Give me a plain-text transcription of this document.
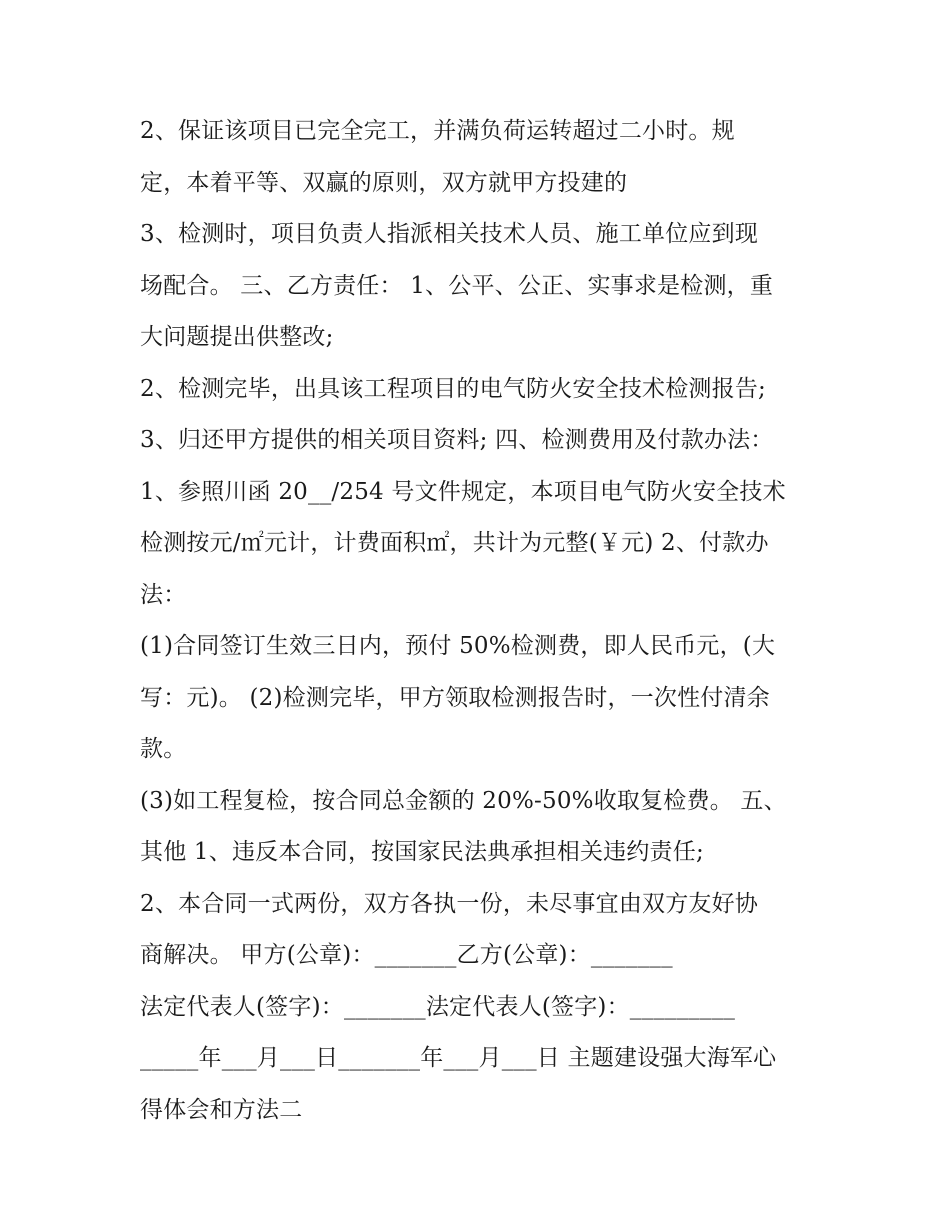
2、保证该项目已完全完工，并满负荷运转超过二小时。规
定，本着平等、双赢的原则，双方就甲方投建的
3、检测时，项目负责人指派相关技术人员、施工单位应到现
场配合。 三、乙方责任： 1、公平、公正、实事求是检测，重
大问题提出供整改;
2、检测完毕，出具该工程项目的电气防火安全技术检测报告;
3、归还甲方提供的相关项目资料; 四、检测费用及付款办法：
1、参照川函 20__/254 号文件规定，本项目电气防火安全技术
检测按元/㎡元计，计费面积㎡，共计为元整(￥元) 2、付款办
法：
(1)合同签订生效三日内，预付 50%检测费，即人民币元，(大
写：元)。 (2)检测完毕，甲方领取检测报告时，一次性付清余
款。
(3)如工程复检，按合同总金额的 20%-50%收取复检费。 五、
其他 1、违反本合同，按国家民法典承担相关违约责任;
2、本合同一式两份，双方各执一份，未尽事宜由双方友好协
商解决。 甲方(公章)：_______乙方(公章)：_______
法定代表人(签字)：_______法定代表人(签字)：_________
_____年___月___日_______年___月___日 主题建设强大海军心
得体会和方法二
